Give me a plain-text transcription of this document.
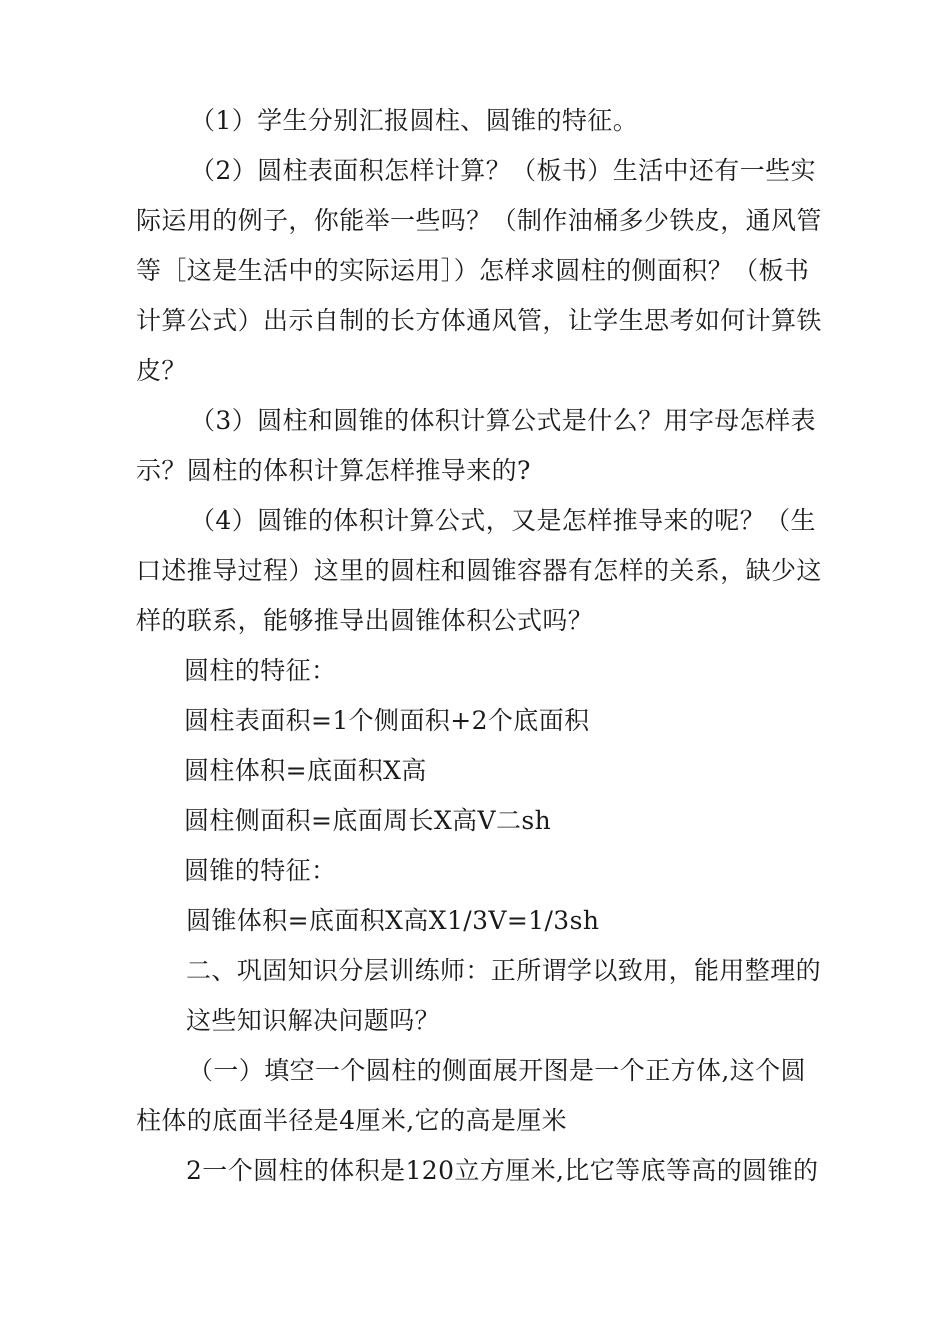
（1）学生分别汇报圆柱、圆锥的特征。
（2）圆柱表面积怎样计算？（板书）生活中还有一些实
际运用的例子，你能举一些吗？（制作油桶多少铁皮，通风管
等［这是生活中的实际运用］）怎样求圆柱的侧面积？（板书
计算公式）出示自制的长方体通风管，让学生思考如何计算铁
皮？
（3）圆柱和圆锥的体积计算公式是什么？用字母怎样表
示？圆柱的体积计算怎样推导来的?
（4）圆锥的体积计算公式，又是怎样推导来的呢？（生
口述推导过程）这里的圆柱和圆锥容器有怎样的关系，缺少这
样的联系，能够推导出圆锥体积公式吗？
圆柱的特征：
圆柱表面积=1个侧面积+2个底面积
圆柱体积=底面积X高
圆柱侧面积=底面周长X高V二sh
圆锥的特征：
圆锥体积=底面积X高X1/3V=1/3sh
二、巩固知识分层训练师：正所谓学以致用，能用整理的
这些知识解决问题吗？
（一）填空一个圆柱的侧面展开图是一个正方体,这个圆
柱体的底面半径是4厘米,它的高是厘米
2一个圆柱的体积是120立方厘米,比它等底等高的圆锥的
